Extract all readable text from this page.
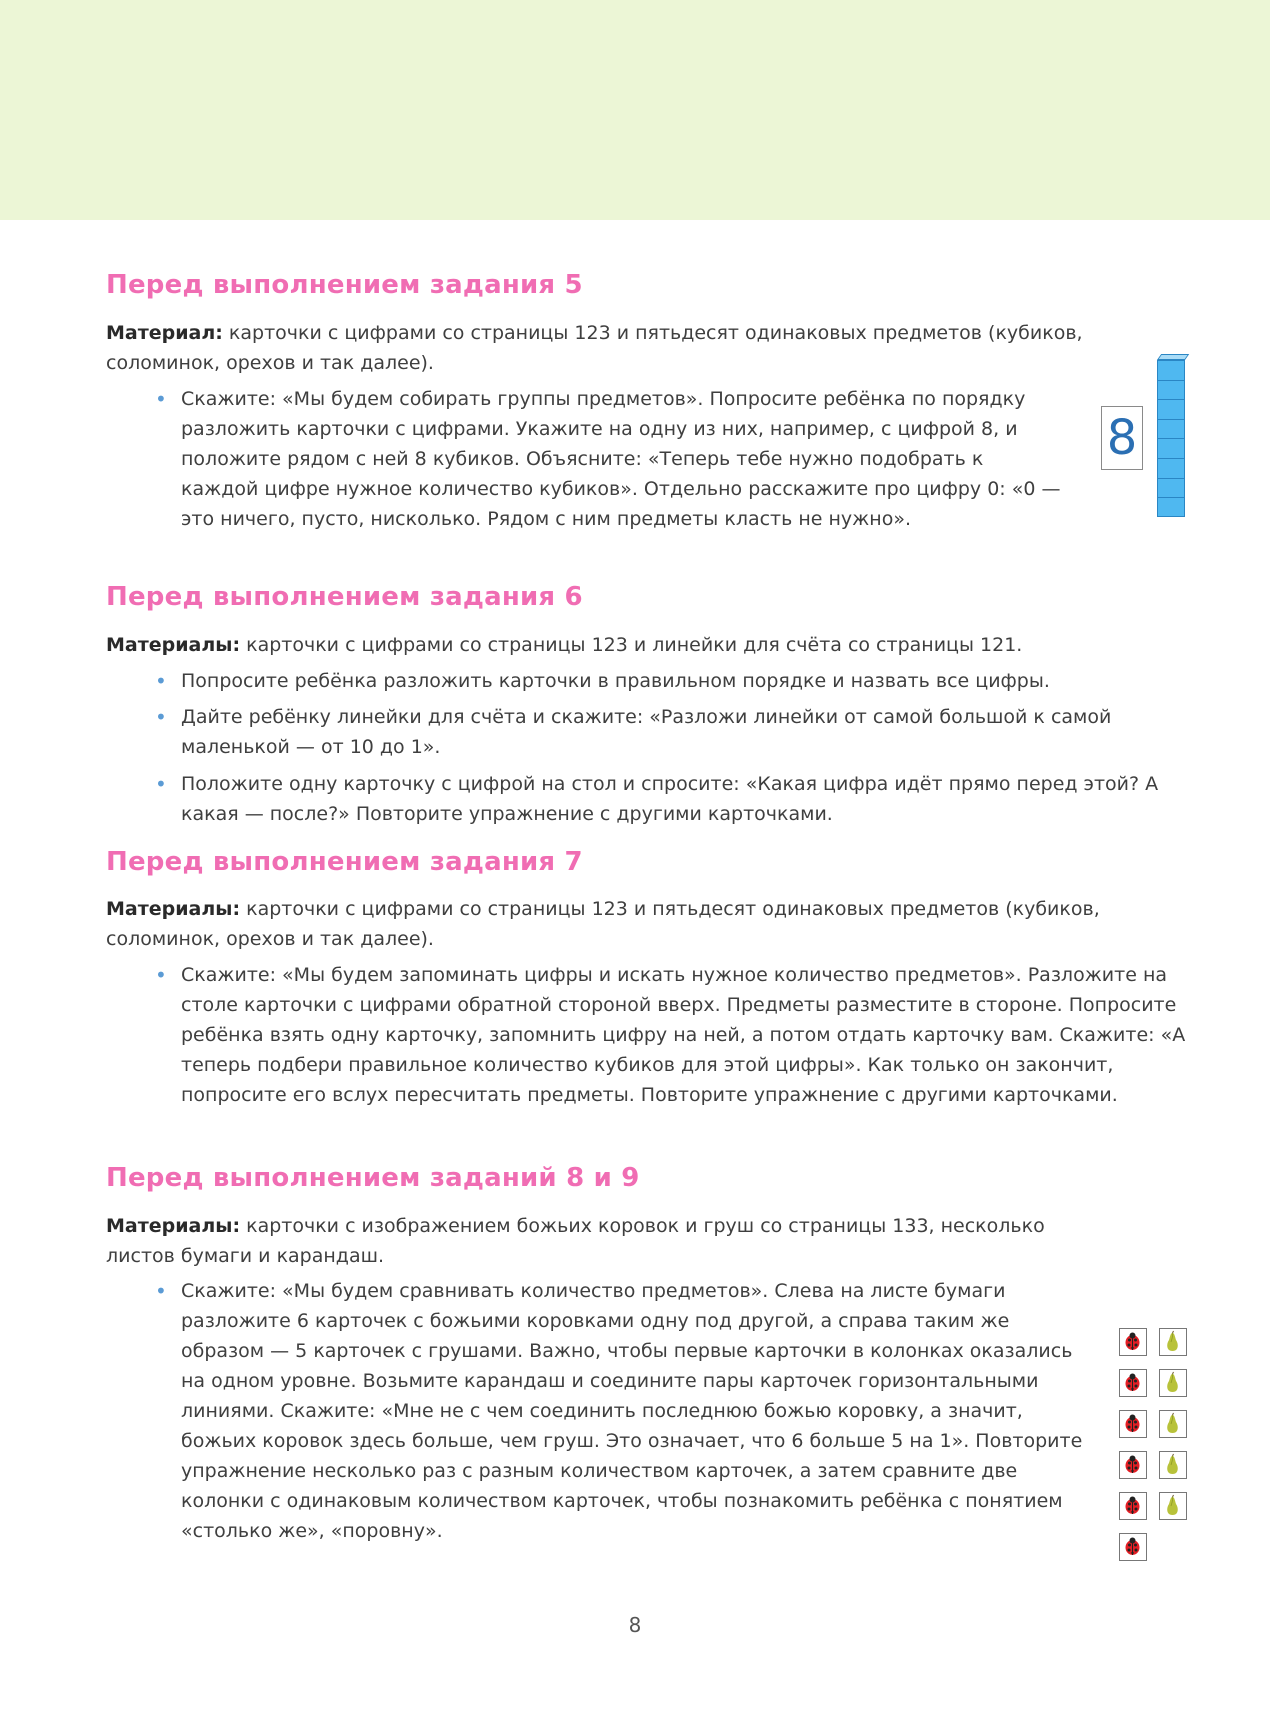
Перед выполнением задания 5

Материал: карточки с цифрами со страницы 123 и пятьдесят одинаковых предметов (кубиков, соломинок, орехов и так далее).

• Скажите: «Мы будем собирать группы предметов». Попросите ребёнка по порядку разложить карточки с цифрами. Укажите на одну из них, например, с цифрой 8, и положите рядом с ней 8 кубиков. Объясните: «Теперь тебе нужно подобрать к каждой цифре нужное количество кубиков». Отдельно расскажите про цифру 0: «0 — это ничего, пусто, нисколько. Рядом с ним предметы класть не нужно».

8
Перед выполнением задания 6

Материалы: карточки с цифрами со страницы 123 и линейки для счёта со страницы 121.

• Попросите ребёнка разложить карточки в правильном порядке и назвать все цифры.

• Дайте ребёнку линейки для счёта и скажите: «Разложи линейки от самой большой к самой маленькой — от 10 до 1».

• Положите одну карточку с цифрой на стол и спросите: «Какая цифра идёт прямо перед этой? А какая — после?» Повторите упражнение с другими карточками.

Перед выполнением задания 7

Материалы: карточки с цифрами со страницы 123 и пятьдесят одинаковых предметов (кубиков, соломинок, орехов и так далее).

• Скажите: «Мы будем запоминать цифры и искать нужное количество предметов». Разложите на столе карточки с цифрами обратной стороной вверх. Предметы разместите в стороне. Попросите ребёнка взять одну карточку, запомнить цифру на ней, а потом отдать карточку вам. Скажите: «А теперь подбери правильное количество кубиков для этой цифры». Как только он закончит, попросите его вслух пересчитать предметы. Повторите упражнение с другими карточками.

Перед выполнением заданий 8 и 9

Материалы: карточки с изображением божьих коровок и груш со страницы 133, несколько листов бумаги и карандаш.

• Скажите: «Мы будем сравнивать количество предметов». Слева на листе бумаги разложите 6 карточек с божьими коровками одну под другой, а справа таким же образом — 5 карточек с грушами. Важно, чтобы первые карточки в колонках оказались на одном уровне. Возьмите карандаш и соедините пары карточек горизонтальными линиями. Скажите: «Мне не с чем соединить последнюю божью коровку, а значит, божьих коровок здесь больше, чем груш. Это означает, что 6 больше 5 на 1». Повторите упражнение несколько раз с разным количеством карточек, а затем сравните две колонки с одинаковым количеством карточек, чтобы познакомить ребёнка с понятием «столько же», «поровну».

8
